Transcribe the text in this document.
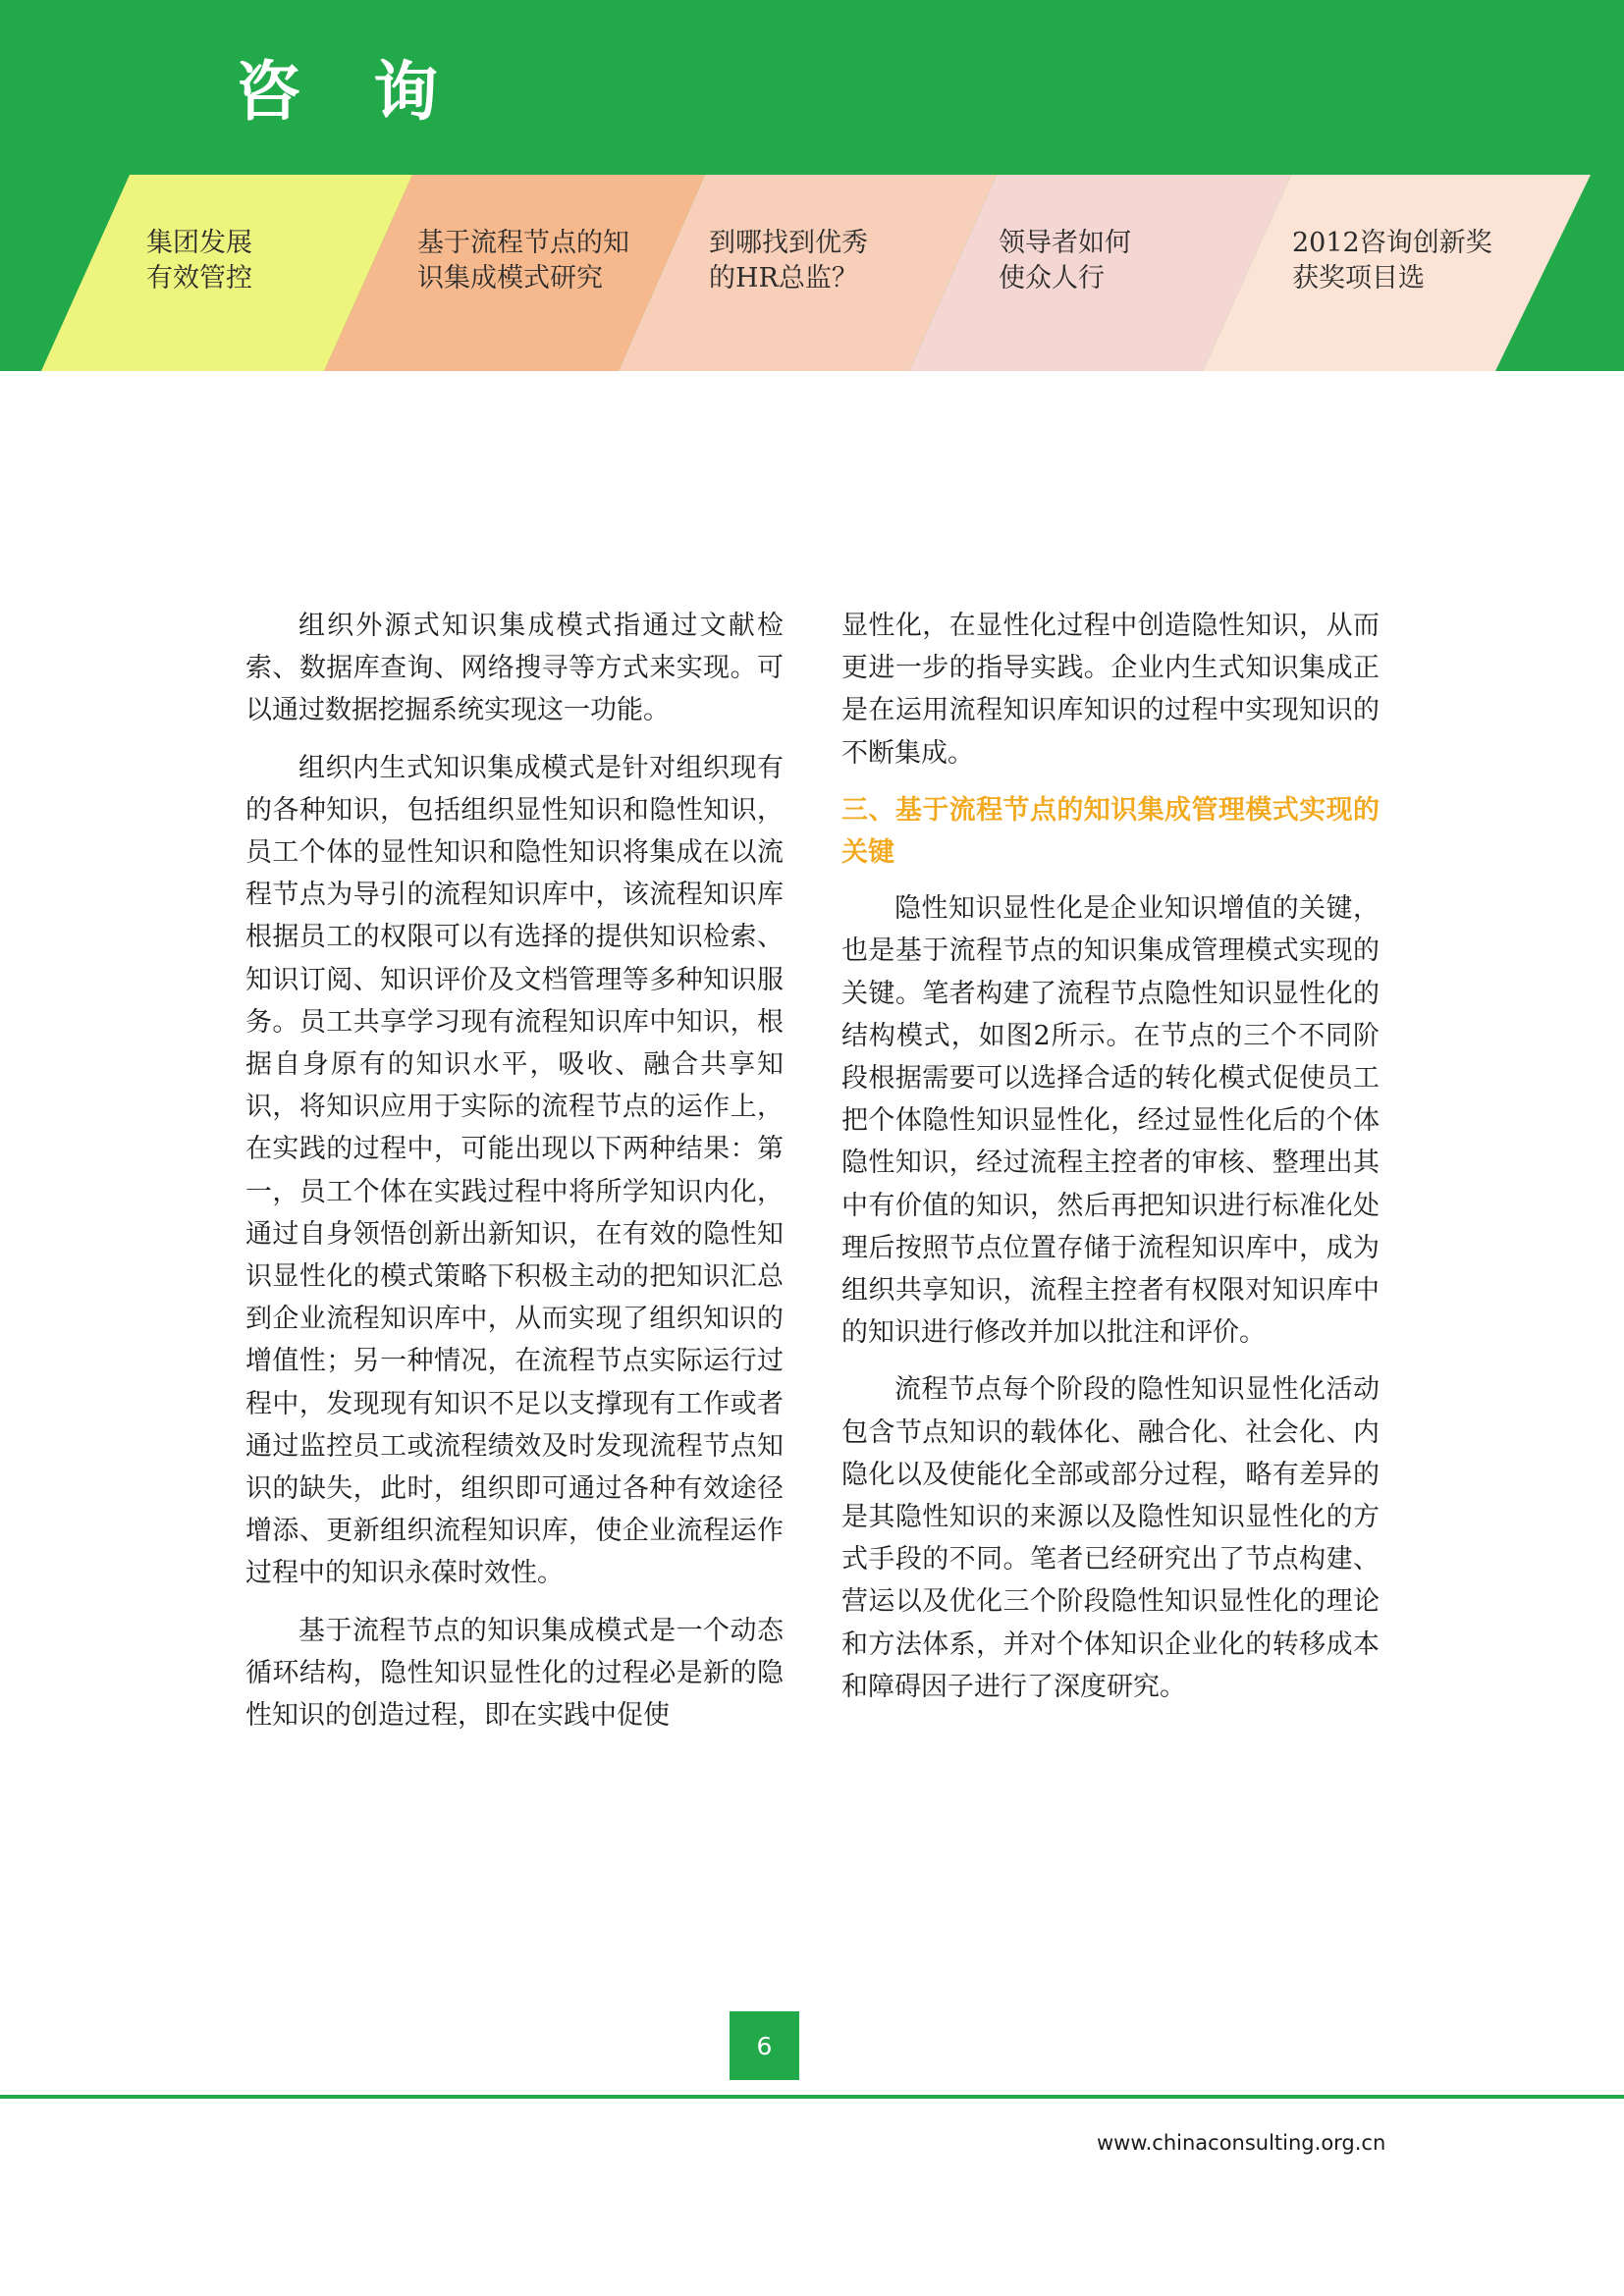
咨询
集团发展
有效管控
基于流程节点的知
识集成模式研究
到哪找到优秀
的HR总监？
领导者如何
使众人行
2012咨询创新奖
获奖项目选

组织外源式知识集成模式指通过文献检索、数据库查询、网络搜寻等方式来实现。可以通过数据挖掘系统实现这一功能。

组织内生式知识集成模式是针对组织现有的各种知识，包括组织显性知识和隐性知识，员工个体的显性知识和隐性知识将集成在以流程节点为导引的流程知识库中，该流程知识库根据员工的权限可以有选择的提供知识检索、知识订阅、知识评价及文档管理等多种知识服务。员工共享学习现有流程知识库中知识，根据自身原有的知识水平，吸收、融合共享知识，将知识应用于实际的流程节点的运作上，在实践的过程中，可能出现以下两种结果：第一，员工个体在实践过程中将所学知识内化，通过自身领悟创新出新知识，在有效的隐性知识显性化的模式策略下积极主动的把知识汇总到企业流程知识库中，从而实现了组织知识的增值性；另一种情况，在流程节点实际运行过程中，发现现有知识不足以支撑现有工作或者通过监控员工或流程绩效及时发现流程节点知识的缺失，此时，组织即可通过各种有效途径增添、更新组织流程知识库，使企业流程运作过程中的知识永葆时效性。

基于流程节点的知识集成模式是一个动态循环结构，隐性知识显性化的过程必是新的隐性知识的创造过程，即在实践中促使

显性化，在显性化过程中创造隐性知识，从而更进一步的指导实践。企业内生式知识集成正是在运用流程知识库知识的过程中实现知识的不断集成。

三、基于流程节点的知识集成管理模式实现的关键

隐性知识显性化是企业知识增值的关键，也是基于流程节点的知识集成管理模式实现的关键。笔者构建了流程节点隐性知识显性化的结构模式，如图2所示。在节点的三个不同阶段根据需要可以选择合适的转化模式促使员工把个体隐性知识显性化，经过显性化后的个体隐性知识，经过流程主控者的审核、整理出其中有价值的知识，然后再把知识进行标准化处理后按照节点位置存储于流程知识库中，成为组织共享知识，流程主控者有权限对知识库中的知识进行修改并加以批注和评价。

流程节点每个阶段的隐性知识显性化活动包含节点知识的载体化、融合化、社会化、内隐化以及使能化全部或部分过程，略有差异的是其隐性知识的来源以及隐性知识显性化的方式手段的不同。笔者已经研究出了节点构建、营运以及优化三个阶段隐性知识显性化的理论和方法体系，并对个体知识企业化的转移成本和障碍因子进行了深度研究。

6
www.chinaconsulting.org.cn
